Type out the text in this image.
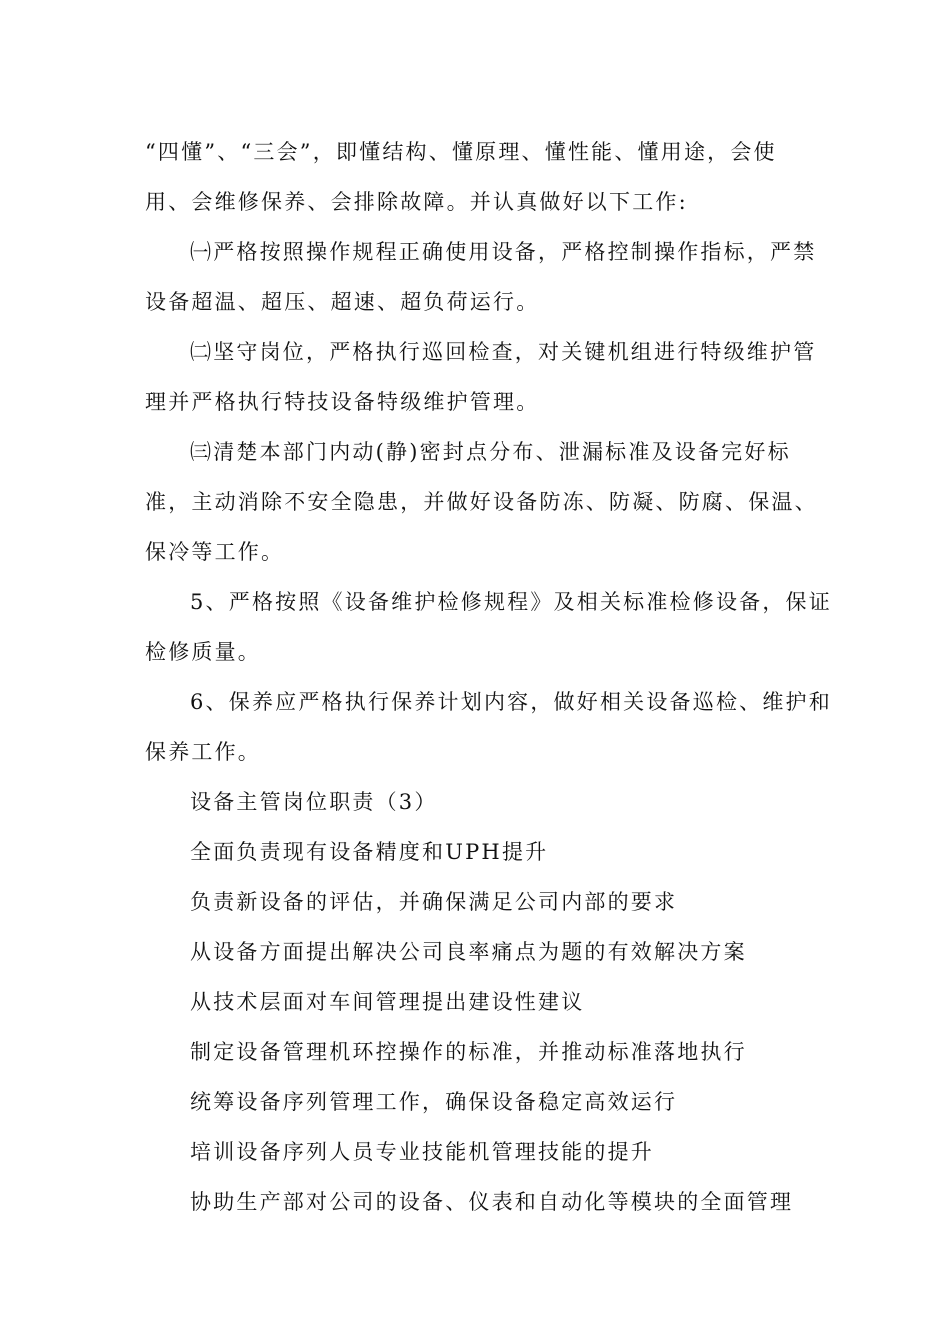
“四懂”、“三会”，即懂结构、懂原理、懂性能、懂用途，会使
用、会维修保养、会排除故障。并认真做好以下工作:
㈠严格按照操作规程正确使用设备，严格控制操作指标，严禁
设备超温、超压、超速、超负荷运行。
㈡坚守岗位，严格执行巡回检查，对关键机组进行特级维护管
理并严格执行特技设备特级维护管理。
㈢清楚本部门内动(静)密封点分布、泄漏标准及设备完好标
准，主动消除不安全隐患，并做好设备防冻、防凝、防腐、保温、
保冷等工作。
5、严格按照《设备维护检修规程》及相关标准检修设备，保证
检修质量。
6、保养应严格执行保养计划内容，做好相关设备巡检、维护和
保养工作。
设备主管岗位职责（3）
全面负责现有设备精度和UPH提升
负责新设备的评估，并确保满足公司内部的要求
从设备方面提出解决公司良率痛点为题的有效解决方案
从技术层面对车间管理提出建设性建议
制定设备管理机环控操作的标准，并推动标准落地执行
统筹设备序列管理工作，确保设备稳定高效运行
培训设备序列人员专业技能机管理技能的提升
协助生产部对公司的设备、仪表和自动化等模块的全面管理
